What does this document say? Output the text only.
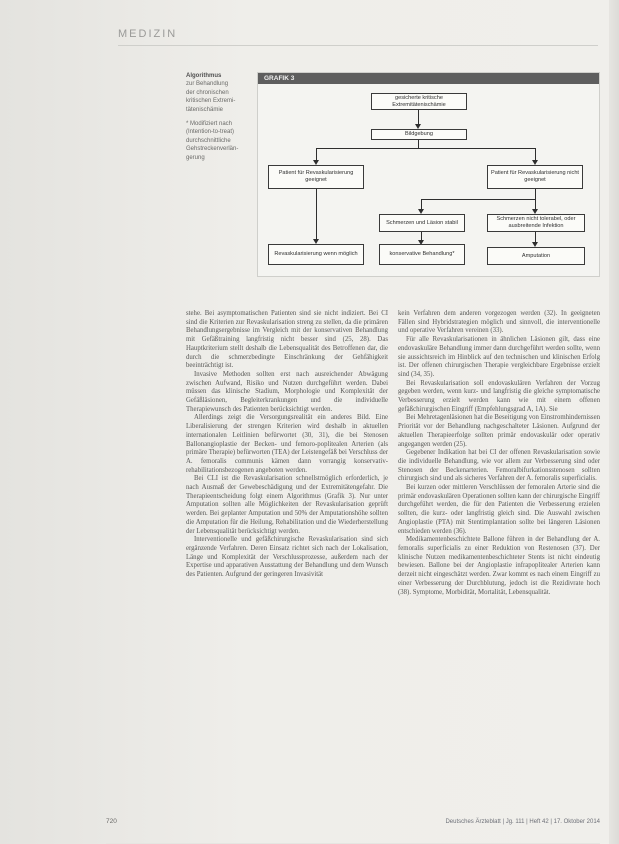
MEDIZIN
Algorithmus
zur Behandlung
der chronischen
kritischen Extremi-
tätenischämie
* Modifiziert nach
(Intention-to-treat)
durchschnittliche
Gehstreckenverlän-
gerung
GRAFIK 3
gesicherte kritische Extremitätenischämie
Bildgebung
Patient für Revaskularisierung geeignet
Patient für Revaskularisierung nicht geeignet
Schmerzen und Läsion stabil
Schmerzen nicht tolerabel, oder ausbreitende Infektion
Revaskularisierung wenn möglich	konservative Behandlung*	Amputation

stehe. Bei asymptomatischen Patienten sind sie nicht indiziert. Bei CI sind die Kriterien zur Revaskularisation streng zu stellen, da die primären Behandlungsergebnisse im Vergleich mit der konservativen Behandlung mit Gefäßtraining langfristig nicht besser sind (25, 28). Das Hauptkriterium stellt deshalb die Lebensqualität des Betroffenen dar, die durch die schmerzbedingte Einschränkung der Gehfähigkeit beeinträchtigt ist.

Invasive Methoden sollten erst nach ausreichender Abwägung zwischen Aufwand, Risiko und Nutzen durchgeführt werden. Dabei müssen das klinische Stadium, Morphologie und Komplexität der Gefäßläsionen, Begleiterkrankungen und die individuelle Therapiewunsch des Patienten berücksichtigt werden.

Allerdings zeigt die Versorgungsrealität ein anderes Bild. Eine Liberalisierung der strengen Kriterien wird deshalb in aktuellen internationalen Leitlinien befürwortet (30, 31), die bei Stenosen Ballonangioplastie der Becken- und femoro-poplitealen Arterien (als primäre Therapie) befürworten (TEA) der Leistengefäß bei Verschluss der A. femoralis communis kämen dann vorrangig konservativ-rehabilitationsbezogenen angeboten werden.

Bei CLI ist die Revaskularisation schnellstmöglich erforderlich, je nach Ausmaß der Gewebeschädigung und der Extremitätengefahr. Die Therapieentscheidung folgt einem Algorithmus (Grafik 3). Nur unter Amputation sollten alle Möglichkeiten der Revaskularisation geprüft werden. Bei geplanter Amputation und 50% der Amputationshöhe sollten die Amputation für die Heilung, Rehabilitation und die Wiederherstellung der Lebensqualität berücksichtigt werden.

Interventionelle und gefäßchirurgische Revaskularisation sind sich ergänzende Verfahren. Deren Einsatz richtet sich nach der Lokalisation, Länge und Komplexität der Verschlussprozesse, außerdem nach der Expertise und apparativen Ausstattung der Behandlung und dem Wunsch des Patienten. Aufgrund der geringeren Invasivität

kein Verfahren dem anderen vorgezogen werden (32). In geeigneten Fällen sind Hybridstrategien möglich und sinnvoll, die interventionelle und operative Verfahren vereinen (33).

Für alle Revaskularisationen in ähnlichen Läsionen gilt, dass eine endovaskuläre Behandlung immer dann durchgeführt werden sollte, wenn sie aussichtsreich im Hinblick auf den technischen und klinischen Erfolg ist. Der offenen chirurgischen Therapie vergleichbare Ergebnisse erzielt sind (34, 35).

Bei Revaskularisation soll endovaskulären Verfahren der Vorzug gegeben werden, wenn kurz- und langfristig die gleiche symptomatische Verbesserung erzielt werden kann wie mit einem offenen gefäßchirurgischen Eingriff (Empfehlungsgrad A, 1A). Sie

Bei Mehretagenläsionen hat die Beseitigung von Einstromhindernissen Priorität vor der Behandlung nachgeschalteter Läsionen. Aufgrund der aktuellen Therapieerfolge sollten primär endovaskulär oder operativ angegangen werden (25).

Gegebener Indikation hat bei CI der offenen Revaskularisation sowie die individuelle Behandlung, wie vor allem zur Verbesserung sind oder Stenosen der Beckenarterien. Femoralbifurkationsstenosen sollten chirurgisch sind und als sicheres Verfahren der A. femoralis superficialis.

Bei kurzen oder mittleren Verschlüssen der femoralen Arterie sind die primär endovaskulären Operationen sollten kann der chirurgische Eingriff durchgeführt werden, die für den Patienten die Verbesserung erzielen sollten, die kurz- oder langfristig gleich sind. Die Auswahl zwischen Angioplastie (PTA) mit Stentimplantation sollte bei längeren Läsionen entschieden werden (36).

Medikamentenbeschichtete Ballone führen in der Behandlung der A. femoralis superficialis zu einer Reduktion von Restenosen (37). Der klinische Nutzen medikamentenbeschichteter Stents ist nicht eindeutig bewiesen. Ballone bei der Angioplastie infrapoplitealer Arterien kann derzeit nicht eingeschätzt werden. Zwar kommt es nach einem Eingriff zu einer Verbesserung der Durchblutung, jedoch ist die Rezidivrate hoch (38). Symptome, Morbidität, Mortalität, Lebensqualität.

720	Deutsches Ärzteblatt | Jg. 111 | Heft 42 | 17. Oktober 2014
